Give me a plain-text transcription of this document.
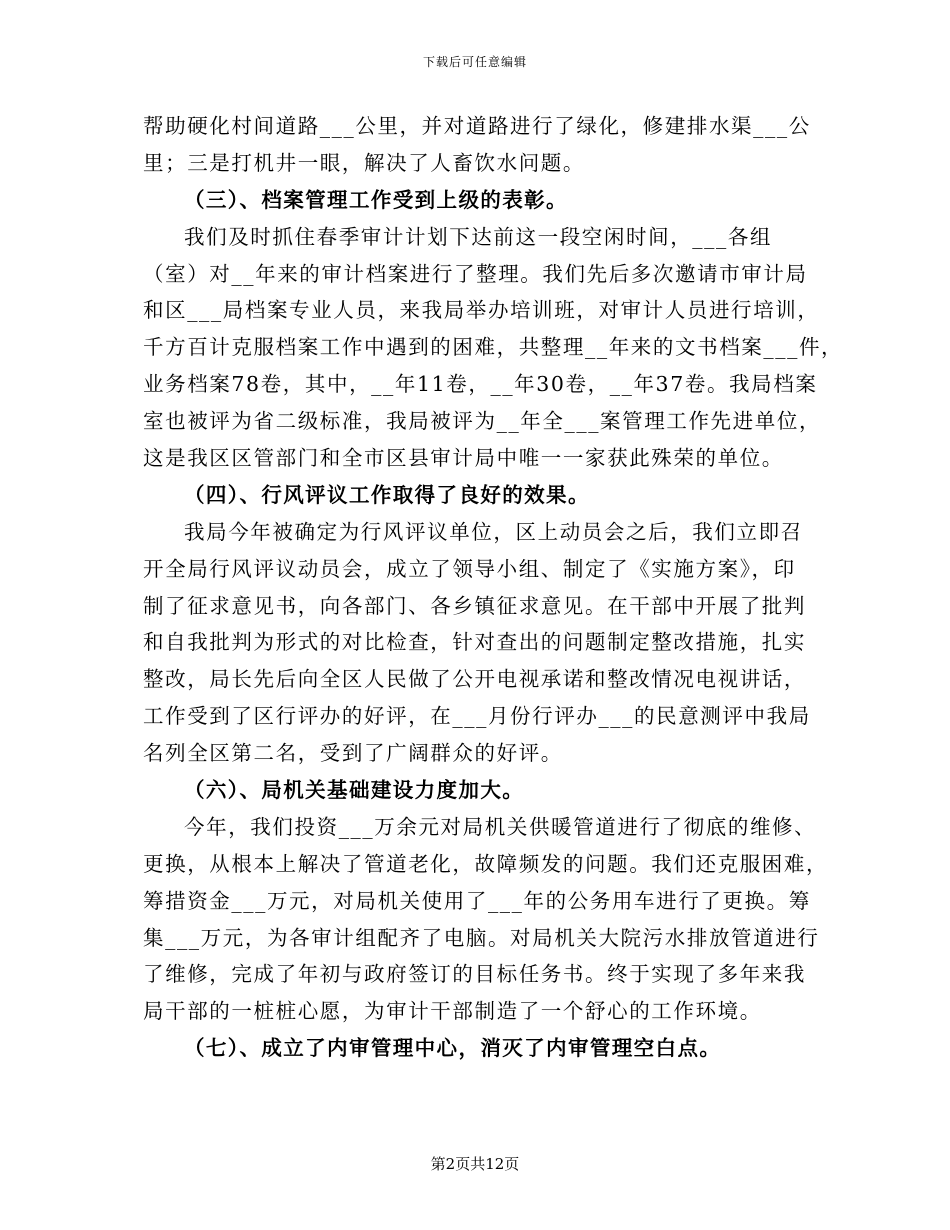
下载后可任意编辑
帮助硬化村间道路___公里，并对道路进行了绿化，修建排水渠___公
里；三是打机井一眼，解决了人畜饮水问题。
（三）、档案管理工作受到上级的表彰。
我们及时抓住春季审计计划下达前这一段空闲时间，___各组
（室）对__年来的审计档案进行了整理。我们先后多次邀请市审计局
和区___局档案专业人员，来我局举办培训班，对审计人员进行培训，
千方百计克服档案工作中遇到的困难，共整理__年来的文书档案___件，
业务档案78卷，其中，__年11卷，__年30卷，__年37卷。我局档案
室也被评为省二级标准，我局被评为__年全___案管理工作先进单位，
这是我区区管部门和全市区县审计局中唯一一家获此殊荣的单位。
（四）、行风评议工作取得了良好的效果。
我局今年被确定为行风评议单位，区上动员会之后，我们立即召
开全局行风评议动员会，成立了领导小组、制定了《实施方案》，印
制了征求意见书，向各部门、各乡镇征求意见。在干部中开展了批判
和自我批判为形式的对比检查，针对查出的问题制定整改措施，扎实
整改，局长先后向全区人民做了公开电视承诺和整改情况电视讲话，
工作受到了区行评办的好评，在___月份行评办___的民意测评中我局
名列全区第二名，受到了广阔群众的好评。
（六）、局机关基础建设力度加大。
今年，我们投资___万余元对局机关供暖管道进行了彻底的维修、
更换，从根本上解决了管道老化，故障频发的问题。我们还克服困难，
筹措资金___万元，对局机关使用了___年的公务用车进行了更换。筹
集___万元，为各审计组配齐了电脑。对局机关大院污水排放管道进行
了维修，完成了年初与政府签订的目标任务书。终于实现了多年来我
局干部的一桩桩心愿，为审计干部制造了一个舒心的工作环境。
（七）、成立了内审管理中心，消灭了内审管理空白点。
第2页共12页
